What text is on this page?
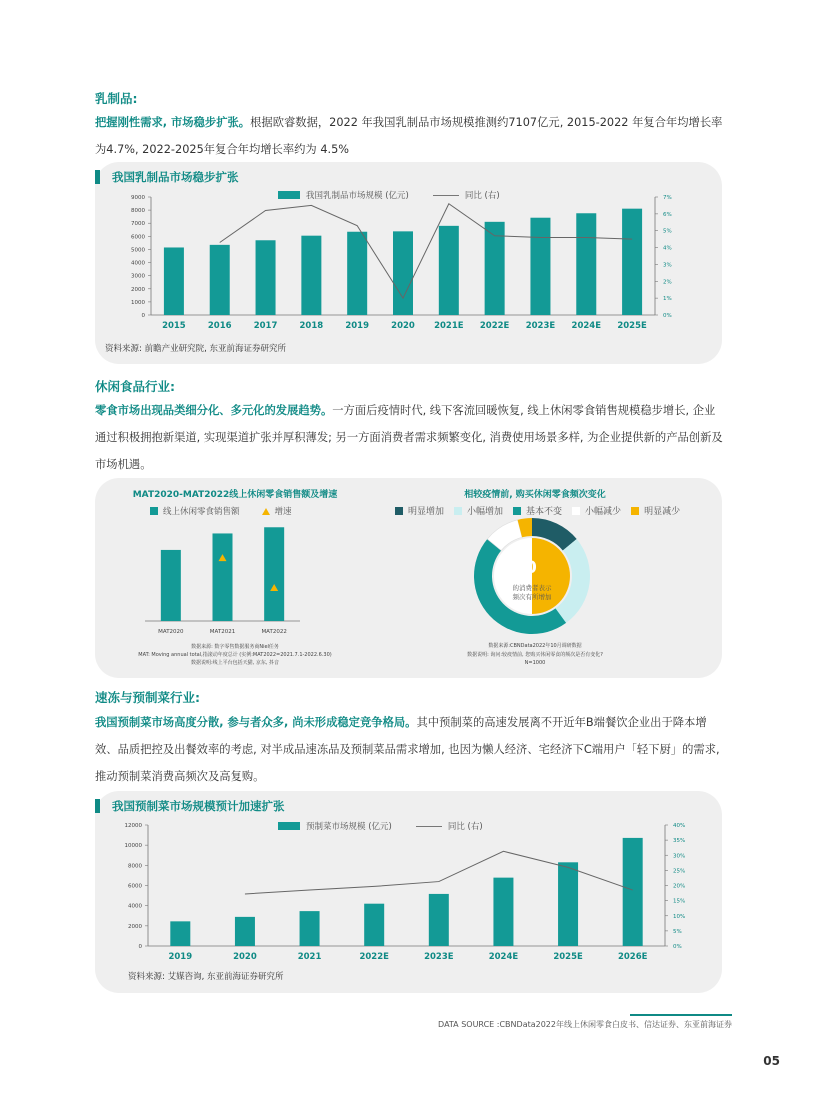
乳制品:

把握刚性需求, 市场稳步扩张。根据欧睿数据，2022 年我国乳制品市场规模推测约7107亿元, 2015-2022 年复合年均增长率为4.7%, 2022-2025年复合年均增长率约为 4.5%

我国乳制品市场稳步扩张
我国乳制品市场规模 (亿元)	同比 (右)
0
1000
2000
3000
4000
5000
6000
7000
8000
9000
0%
1%
2%
3%
4%
5%
6%
7%
2015	2016	2017	2018	2019	2020 2021E 2022E 2023E 2024E 2025E
资料来源: 前瞻产业研究院, 东亚前海证券研究所
休闲食品行业:

零食市场出现品类细分化、多元化的发展趋势。一方面后疫情时代, 线下客流回暖恢复, 线上休闲零食销售规模稳步增长, 企业通过积极拥抱新渠道, 实现渠道扩张并厚积薄发; 另一方面消费者需求频繁变化, 消费使用场景多样, 为企业提供新的产品创新及市场机遇。

MAT2020-MAT2022线上休闲零食销售额及增速
线上休闲零食销售额	增速
MAT2020	MAT2021	MAT2022
数据来源: 数字零售数据服务商Niel任务
MAT: Moving annual total,指滚动年度总计 (实例:MAT2022=2021.7.1-2022.6.30)
数据说明:线上平台包括天猫, 京东, 抖音
相较疫情前, 购买休闲零食频次变化
明显增加	小幅增加	基本不变	小幅减少	明显减少
40
的消费者表示
频次有所增加
数据来源:CBNData2022年10月调研数据
数据说明: 询问:较疫情前, 您购买休闲零食的频次是否有变化?
N=1000
速冻与预制菜行业:

我国预制菜市场高度分散, 参与者众多, 尚未形成稳定竞争格局。其中预制菜的高速发展离不开近年B端餐饮企业出于降本增效、品质把控及出餐效率的考虑, 对半成品速冻品及预制菜品需求增加, 也因为懒人经济、宅经济下C端用户「轻下厨」的需求, 推动预制菜消费高频次及高复购。

我国预制菜市场规模预计加速扩张
预制菜市场规模 (亿元)	同比 (右)
0
2000
4000
6000
8000
10000
12000
0%
5%
10%
15%
20%
25%
30%
35%
40%
2019	2020	2021	2022E	2023E	2024E	2025E	2026E
资料来源: 艾媒咨询, 东亚前海证券研究所
DATA SOURCE :CBNData2022年线上休闲零食白皮书、信达证券、东亚前海证券
05
